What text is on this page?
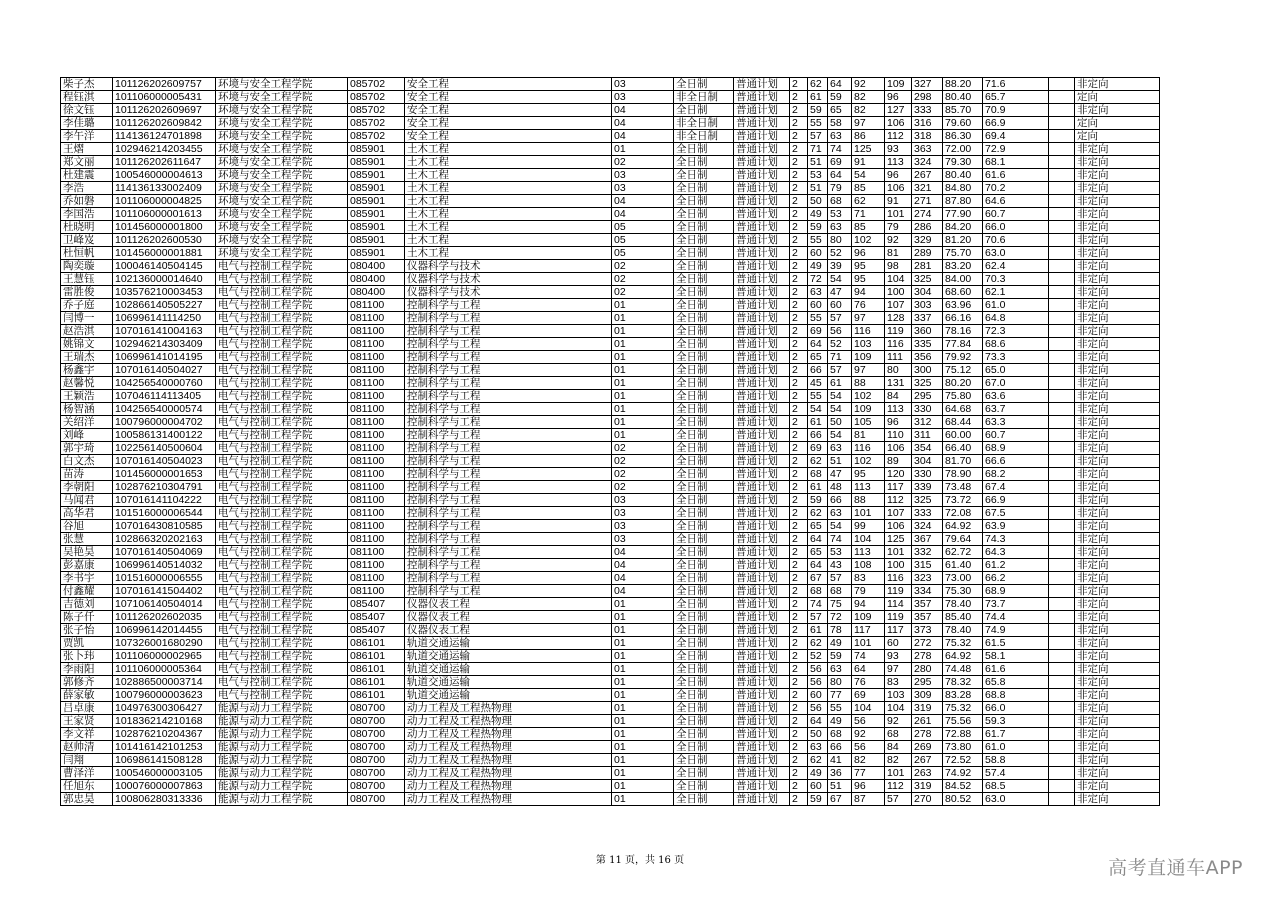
柴子杰	101126202609757	环境与安全工程学院	085702	安全工程	03	全日制	普通计划	2	62	64	92	109	327	88.20	71.6		非定向
程钰淇	101106000005431	环境与安全工程学院	085702	安全工程	03	非全日制	普通计划	2	61	59	82	96	298	80.40	65.7		定向
徐文钰	101126202609697	环境与安全工程学院	085702	安全工程	04	全日制	普通计划	2	59	65	82	127	333	85.70	70.9		非定向
李佳璐	101126202609842	环境与安全工程学院	085702	安全工程	04	非全日制	普通计划	2	55	58	97	106	316	79.60	66.9		定向
李午洋	114136124701898	环境与安全工程学院	085702	安全工程	04	非全日制	普通计划	2	57	63	86	112	318	86.30	69.4		定向
王熠	102946214203455	环境与安全工程学院	085901	土木工程	01	全日制	普通计划	2	71	74	125	93	363	72.00	72.9		非定向
郑文丽	101126202611647	环境与安全工程学院	085901	土木工程	02	全日制	普通计划	2	51	69	91	113	324	79.30	68.1		非定向
杜建震	100546000004613	环境与安全工程学院	085901	土木工程	03	全日制	普通计划	2	53	64	54	96	267	80.40	61.6		非定向
李浩	114136133002409	环境与安全工程学院	085901	土木工程	03	全日制	普通计划	2	51	79	85	106	321	84.80	70.2		非定向
乔如磐	101106000004825	环境与安全工程学院	085901	土木工程	04	全日制	普通计划	2	50	68	62	91	271	87.80	64.6		非定向
李国浩	101106000001613	环境与安全工程学院	085901	土木工程	04	全日制	普通计划	2	49	53	71	101	274	77.90	60.7		非定向
杜晓明	101456000001800	环境与安全工程学院	085901	土木工程	05	全日制	普通计划	2	59	63	85	79	286	84.20	66.0		非定向
卫峰岌	101126202600530	环境与安全工程学院	085901	土木工程	05	全日制	普通计划	2	55	80	102	92	329	81.20	70.6		非定向
杜恒帆	101456000001881	环境与安全工程学院	085901	土木工程	05	全日制	普通计划	2	60	52	96	81	289	75.70	63.0		非定向
陶奕璇	100046140504145	电气与控制工程学院	080400	仪器科学与技术	02	全日制	普通计划	2	49	39	95	98	281	83.20	62.4		非定向
王慧钰	102136000014640	电气与控制工程学院	080400	仪器科学与技术	02	全日制	普通计划	2	72	54	95	104	325	84.00	70.3		非定向
雷胜俊	103576210003453	电气与控制工程学院	080400	仪器科学与技术	02	全日制	普通计划	2	63	47	94	100	304	68.60	62.1		非定向
乔子庭	102866140505227	电气与控制工程学院	081100	控制科学与工程	01	全日制	普通计划	2	60	60	76	107	303	63.96	61.0		非定向
闫博一	106996141114250	电气与控制工程学院	081100	控制科学与工程	01	全日制	普通计划	2	55	57	97	128	337	66.16	64.8		非定向
赵浩淇	107016141004163	电气与控制工程学院	081100	控制科学与工程	01	全日制	普通计划	2	69	56	116	119	360	78.16	72.3		非定向
姚锦文	102946214303409	电气与控制工程学院	081100	控制科学与工程	01	全日制	普通计划	2	64	52	103	116	335	77.84	68.6		非定向
王瑞杰	106996141014195	电气与控制工程学院	081100	控制科学与工程	01	全日制	普通计划	2	65	71	109	111	356	79.92	73.3		非定向
杨鑫宇	107016140504027	电气与控制工程学院	081100	控制科学与工程	01	全日制	普通计划	2	66	57	97	80	300	75.12	65.0		非定向
赵馨悦	104256540000760	电气与控制工程学院	081100	控制科学与工程	01	全日制	普通计划	2	45	61	88	131	325	80.20	67.0		非定向
王颖浩	107046114113405	电气与控制工程学院	081100	控制科学与工程	01	全日制	普通计划	2	55	54	102	84	295	75.80	63.6		非定向
杨智涵	104256540000574	电气与控制工程学院	081100	控制科学与工程	01	全日制	普通计划	2	54	54	109	113	330	64.68	63.7		非定向
关绍洋	100796000004702	电气与控制工程学院	081100	控制科学与工程	01	全日制	普通计划	2	61	50	105	96	312	68.44	63.3		非定向
刘峰	100586131400122	电气与控制工程学院	081100	控制科学与工程	01	全日制	普通计划	2	66	54	81	110	311	60.00	60.7		非定向
郭宇琦	102256140500604	电气与控制工程学院	081100	控制科学与工程	02	全日制	普通计划	2	69	63	116	106	354	66.40	68.9		非定向
白文杰	107016140504023	电气与控制工程学院	081100	控制科学与工程	02	全日制	普通计划	2	62	51	102	89	304	81.70	66.6		非定向
苗涛	101456000001653	电气与控制工程学院	081100	控制科学与工程	02	全日制	普通计划	2	68	47	95	120	330	78.90	68.2		非定向
李朝阳	102876210304791	电气与控制工程学院	081100	控制科学与工程	02	全日制	普通计划	2	61	48	113	117	339	73.48	67.4		非定向
马闻君	107016141104222	电气与控制工程学院	081100	控制科学与工程	03	全日制	普通计划	2	59	66	88	112	325	73.72	66.9		非定向
高华君	101516000006544	电气与控制工程学院	081100	控制科学与工程	03	全日制	普通计划	2	62	63	101	107	333	72.08	67.5		非定向
谷旭	107016430810585	电气与控制工程学院	081100	控制科学与工程	03	全日制	普通计划	2	65	54	99	106	324	64.92	63.9		非定向
张慧	102866320202163	电气与控制工程学院	081100	控制科学与工程	03	全日制	普通计划	2	64	74	104	125	367	79.64	74.3		非定向
吴艳昊	107016140504069	电气与控制工程学院	081100	控制科学与工程	04	全日制	普通计划	2	65	53	113	101	332	62.72	64.3		非定向
彭嘉康	106996140514032	电气与控制工程学院	081100	控制科学与工程	04	全日制	普通计划	2	64	43	108	100	315	61.40	61.2		非定向
李书宇	101516000006555	电气与控制工程学院	081100	控制科学与工程	04	全日制	普通计划	2	67	57	83	116	323	73.00	66.2		非定向
付鑫耀	107016141504402	电气与控制工程学院	081100	控制科学与工程	04	全日制	普通计划	2	68	68	79	119	334	75.30	68.9		非定向
吉德刘	107106140504014	电气与控制工程学院	085407	仪器仪表工程	01	全日制	普通计划	2	74	75	94	114	357	78.40	73.7		非定向
陈子仟	101126202602035	电气与控制工程学院	085407	仪器仪表工程	01	全日制	普通计划	2	57	72	109	119	357	85.40	74.4		非定向
张子怡	106996142014455	电气与控制工程学院	085407	仪器仪表工程	01	全日制	普通计划	2	61	78	117	117	373	78.40	74.9		非定向
贾凯	107326001680290	电气与控制工程学院	086101	轨道交通运输	01	全日制	普通计划	2	62	49	101	60	272	75.32	61.5		非定向
张卜玮	101106000002965	电气与控制工程学院	086101	轨道交通运输	01	全日制	普通计划	2	52	59	74	93	278	64.92	58.1		非定向
李雨阳	101106000005364	电气与控制工程学院	086101	轨道交通运输	01	全日制	普通计划	2	56	63	64	97	280	74.48	61.6		非定向
郭修齐	102886500003714	电气与控制工程学院	086101	轨道交通运输	01	全日制	普通计划	2	56	80	76	83	295	78.32	65.8		非定向
薛家敏	100796000003623	电气与控制工程学院	086101	轨道交通运输	01	全日制	普通计划	2	60	77	69	103	309	83.28	68.8		非定向
吕卓康	104976300306427	能源与动力工程学院	080700	动力工程及工程热物理	01	全日制	普通计划	2	56	55	104	104	319	75.32	66.0		非定向
王家贤	101836214210168	能源与动力工程学院	080700	动力工程及工程热物理	01	全日制	普通计划	2	64	49	56	92	261	75.56	59.3		非定向
李文祥	102876210204367	能源与动力工程学院	080700	动力工程及工程热物理	01	全日制	普通计划	2	50	68	92	68	278	72.88	61.7		非定向
赵帅清	101416142101253	能源与动力工程学院	080700	动力工程及工程热物理	01	全日制	普通计划	2	63	66	56	84	269	73.80	61.0		非定向
闫翔	106986141508128	能源与动力工程学院	080700	动力工程及工程热物理	01	全日制	普通计划	2	62	41	82	82	267	72.52	58.8		非定向
曹泽洋	100546000003105	能源与动力工程学院	080700	动力工程及工程热物理	01	全日制	普通计划	2	49	36	77	101	263	74.92	57.4		非定向
任旭东	100076000007863	能源与动力工程学院	080700	动力工程及工程热物理	01	全日制	普通计划	2	60	51	96	112	319	84.52	68.5		非定向
郭忠昊	100806280313336	能源与动力工程学院	080700	动力工程及工程热物理	01	全日制	普通计划	2	59	67	87	57	270	80.52	63.0		非定向
第 11 页，共 16 页	高考直通车APP
